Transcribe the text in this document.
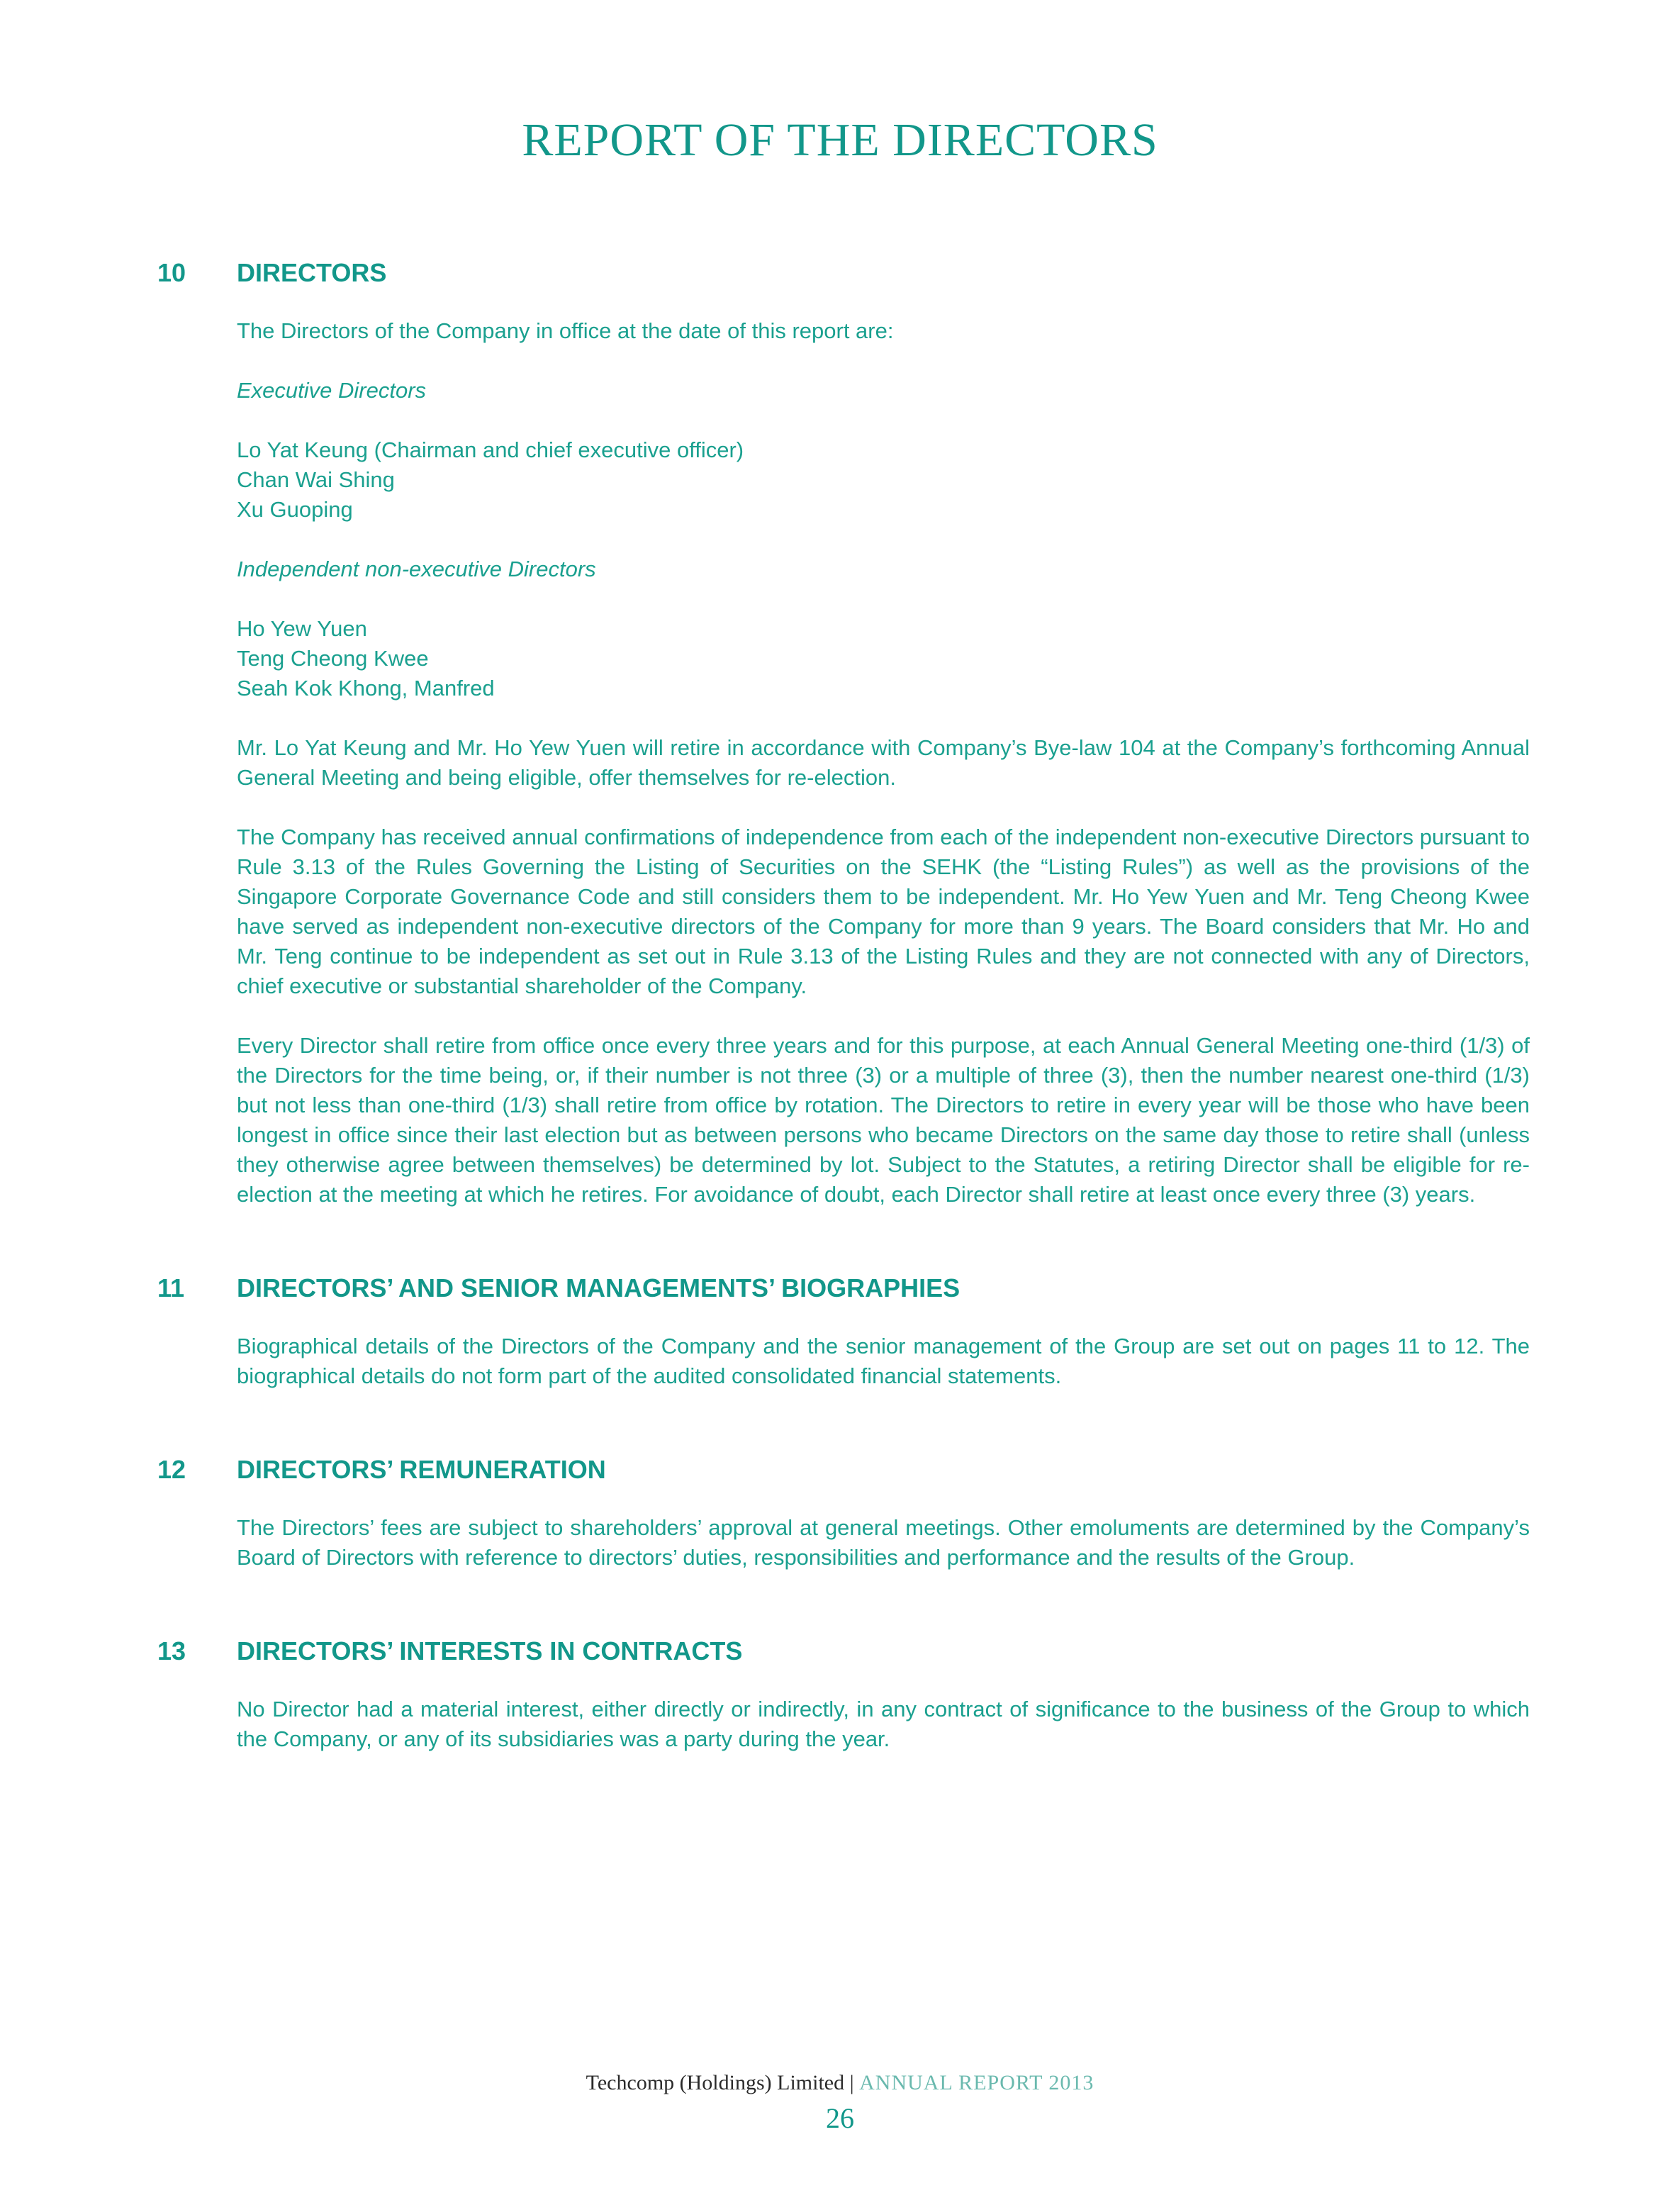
REPORT OF THE DIRECTORS
10	DIRECTORS

The Directors of the Company in office at the date of this report are:

Executive Directors

Lo Yat Keung (Chairman and chief executive officer)
Chan Wai Shing
Xu Guoping

Independent non-executive Directors

Ho Yew Yuen
Teng Cheong Kwee
Seah Kok Khong, Manfred

Mr. Lo Yat Keung and Mr. Ho Yew Yuen will retire in accordance with Company’s Bye-law 104 at the Company’s forthcoming Annual General Meeting and being eligible, offer themselves for re-election.

The Company has received annual confirmations of independence from each of the independent non-executive Directors pursuant to Rule 3.13 of the Rules Governing the Listing of Securities on the SEHK (the “Listing Rules”) as well as the provisions of the Singapore Corporate Governance Code and still considers them to be independent. Mr. Ho Yew Yuen and Mr. Teng Cheong Kwee have served as independent non-executive directors of the Company for more than 9 years. The Board considers that Mr. Ho and Mr. Teng continue to be independent as set out in Rule 3.13 of the Listing Rules and they are not connected with any of Directors, chief executive or substantial shareholder of the Company.

Every Director shall retire from office once every three years and for this purpose, at each Annual General Meeting one-third (1/3) of the Directors for the time being, or, if their number is not three (3) or a multiple of three (3), then the number nearest one-third (1/3) but not less than one-third (1/3) shall retire from office by rotation. The Directors to retire in every year will be those who have been longest in office since their last election but as between persons who became Directors on the same day those to retire shall (unless they otherwise agree between themselves) be determined by lot. Subject to the Statutes, a retiring Director shall be eligible for re-election at the meeting at which he retires. For avoidance of doubt, each Director shall retire at least once every three (3) years.

11	DIRECTORS’ AND SENIOR MANAGEMENTS’ BIOGRAPHIES

Biographical details of the Directors of the Company and the senior management of the Group are set out on pages 11 to 12. The biographical details do not form part of the audited consolidated financial statements.

12	DIRECTORS’ REMUNERATION

The Directors’ fees are subject to shareholders’ approval at general meetings. Other emoluments are determined by the Company’s Board of Directors with reference to directors’ duties, responsibilities and performance and the results of the Group.

13	DIRECTORS’ INTERESTS IN CONTRACTS

No Director had a material interest, either directly or indirectly, in any contract of significance to the business of the Group to which the Company, or any of its subsidiaries was a party during the year.

Techcomp (Holdings) Limited | ANNUAL REPORT 2013
26
